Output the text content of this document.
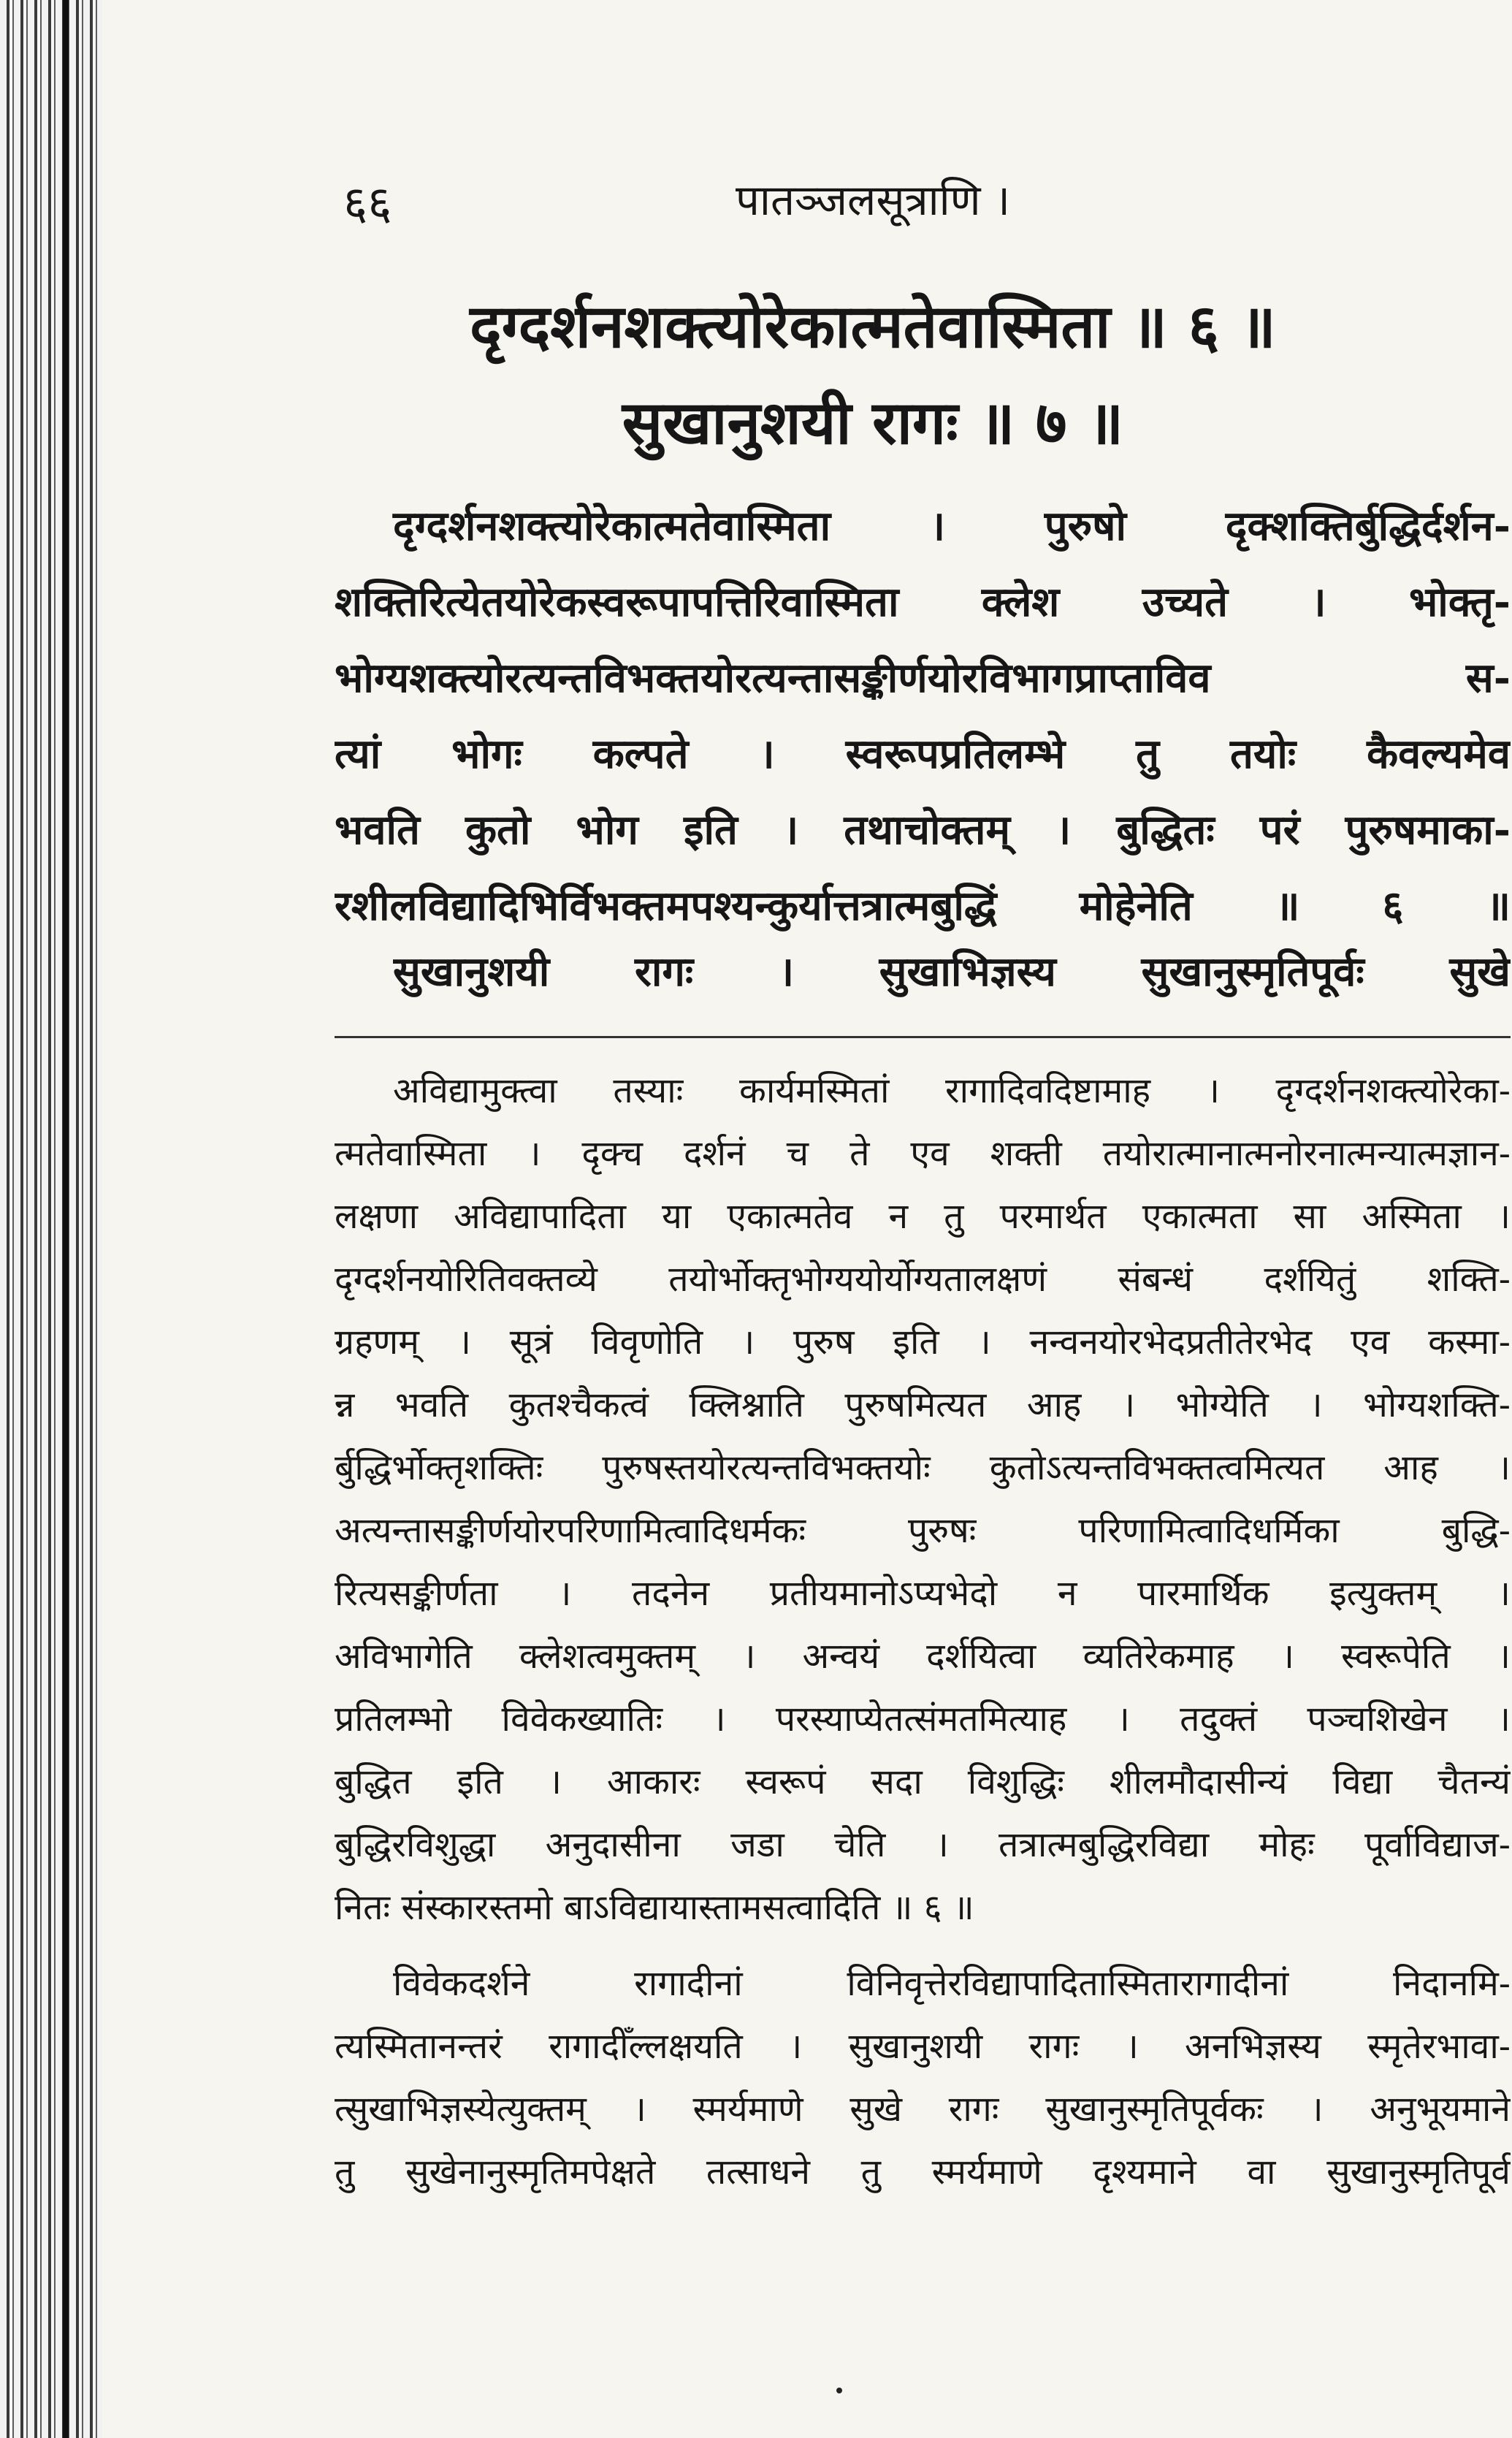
६६	पातञ्जलसूत्राणि ।
दृग्दर्शनशक्त्योरेकात्मतेवास्मिता ॥ ६ ॥
सुखानुशयी रागः ॥ ७ ॥
दृग्दर्शनशक्त्योरेकात्मतेवास्मिता । पुरुषो दृक्शक्तिर्बुद्धिर्दर्शन-
शक्तिरित्येतयोरेकस्वरूपापत्तिरिवास्मिता क्लेश उच्यते । भोक्तृ-
भोग्यशक्त्योरत्यन्तविभक्तयोरत्यन्तासङ्कीर्णयोरविभागप्राप्ताविव स-
त्यां भोगः कल्पते । स्वरूपप्रतिलम्भे तु तयोः कैवल्यमेव
भवति कुतो भोग इति । तथाचोक्तम् । बुद्धितः परं पुरुषमाका-
रशीलविद्यादिभिर्विभक्तमपश्यन्कुर्यात्तत्रात्मबुद्धिं मोहेनेति ॥ ६ ॥
सुखानुशयी रागः । सुखाभिज्ञस्य सुखानुस्मृतिपूर्वः सुखे
अविद्यामुक्त्वा तस्याः कार्यमस्मितां रागादिवदिष्टामाह । दृग्दर्शनशक्त्योरेका-
त्मतेवास्मिता । दृक्च दर्शनं च ते एव शक्ती तयोरात्मानात्मनोरनात्मन्यात्मज्ञान-
लक्षणा अविद्यापादिता या एकात्मतेव न तु परमार्थत एकात्मता सा अस्मिता ।
दृग्दर्शनयोरितिवक्तव्ये तयोर्भोक्तृभोग्ययोर्योग्यतालक्षणं संबन्धं दर्शयितुं शक्ति-
ग्रहणम् । सूत्रं विवृणोति । पुरुष इति । नन्वनयोरभेदप्रतीतेरभेद एव कस्मा-
न्न भवति कुतश्चैकत्वं क्लिश्नाति पुरुषमित्यत आह । भोग्येति । भोग्यशक्ति-
र्बुद्धिर्भोक्तृशक्तिः पुरुषस्तयोरत्यन्तविभक्तयोः कुतोऽत्यन्तविभक्तत्वमित्यत आह ।
अत्यन्तासङ्कीर्णयोरपरिणामित्वादिधर्मकः पुरुषः परिणामित्वादिधर्मिका बुद्धि-
रित्यसङ्कीर्णता । तदनेन प्रतीयमानोऽप्यभेदो न पारमार्थिक इत्युक्तम् ।
अविभागेति क्लेशत्वमुक्तम् । अन्वयं दर्शयित्वा व्यतिरेकमाह । स्वरूपेति ।
प्रतिलम्भो विवेकख्यातिः । परस्याप्येतत्संमतमित्याह । तदुक्तं पञ्चशिखेन ।
बुद्धित इति । आकारः स्वरूपं सदा विशुद्धिः शीलमौदासीन्यं विद्या चैतन्यं
बुद्धिरविशुद्धा अनुदासीना जडा चेति । तत्रात्मबुद्धिरविद्या मोहः पूर्वाविद्याज-
नितः संस्कारस्तमो बाऽविद्यायास्तामसत्वादिति ॥ ६ ॥
विवेकदर्शने रागादीनां विनिवृत्तेरविद्यापादितास्मितारागादीनां निदानमि-
त्यस्मितानन्तरं रागादीँल्लक्षयति । सुखानुशयी रागः । अनभिज्ञस्य स्मृतेरभावा-
त्सुखाभिज्ञस्येत्युक्तम् । स्मर्यमाणे सुखे रागः सुखानुस्मृतिपूर्वकः । अनुभूयमाने
तु सुखेनानुस्मृतिमपेक्षते तत्साधने तु स्मर्यमाणे दृश्यमाने वा सुखानुस्मृतिपूर्व
